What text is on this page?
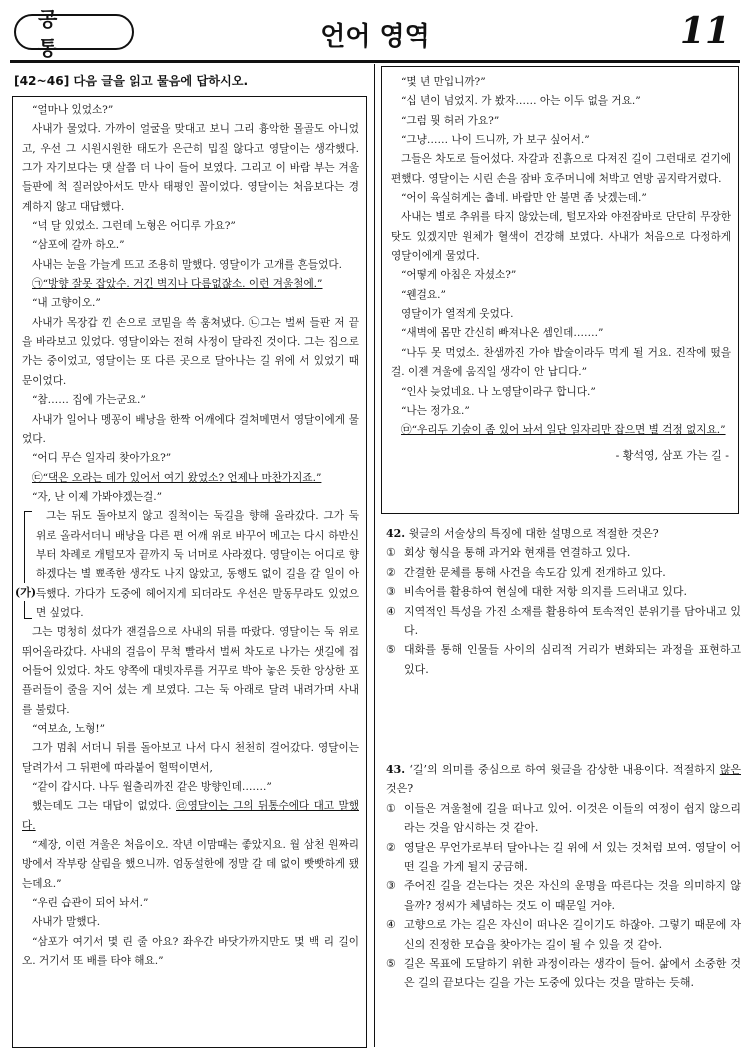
공 통	언어 영역	11
[42~46] 다음 글을 읽고 물음에 답하시오.
“얼마나 있었소?”
사내가 물었다. 가까이 얼굴을 맞대고 보니 그리 흉악한 몰골도 아니었고, 우선 그 시원시원한 태도가 은근히 밉질 않다고 영달이는 생각했다. 그가 자기보다는 댓 살쯤 더 나이 들어 보였다. 그리고 이 바람 부는 겨울 들판에 척 질러앉아서도 만사 태평인 꼴이었다. 영달이는 처음보다는 경계하지 않고 대답했다.
“넉 달 있었소. 그런데 노형은 어디루 가요?”
“삼포에 갈까 하오.”
사내는 눈을 가늘게 뜨고 조용히 말했다. 영달이가 고개를 흔들었다.
㉠“방향 잘못 잡았수. 거긴 벽지나 다름없잖소. 이런 겨울철에.”
“내 고향이오.”
사내가 목장갑 낀 손으로 코밑을 쓱 훔쳐냈다. ㉡그는 벌써 들판 저 끝을 바라보고 있었다. 영달이와는 전혀 사정이 달라진 것이다. 그는 집으로 가는 중이었고, 영달이는 또 다른 곳으로 달아나는 길 위에 서 있었기 때문이었다.
“참…… 집에 가는군요.”
사내가 일어나 멩꽁이 배낭을 한짝 어깨에다 걸쳐메면서 영달이에게 물었다.
“어디 무슨 일자리 찾아가요?”
㉢“댁은 오라는 데가 있어서 여기 왔었소? 언제나 마찬가지죠.”
“자, 난 이제 가봐야겠는걸.”
(가)
그는 뒤도 돌아보지 않고 질척이는 둑길을 향해 올라갔다. 그가 둑 위로 올라서더니 배낭을 다른 편 어깨 위로 바꾸어 메고는 다시 하반신부터 차례로 개털모자 끝까지 둑 너머로 사라졌다. 영달이는 어디로 향하겠다는 별 뾰족한 생각도 나지 않았고, 동행도 없이 길을 갈 일이 아득했다. 가다가 도중에 헤어지게 되더라도 우선은 말동무라도 있었으면 싶었다.
그는 멍청히 섰다가 잰걸음으로 사내의 뒤를 따랐다. 영달이는 둑 위로 뛰어올라갔다. 사내의 걸음이 무척 빨라서 벌써 차도로 나가는 샛길에 접어들어 있었다. 차도 양쪽에 대빗자루를 거꾸로 박아 놓은 듯한 앙상한 포플러들이 줄을 지어 섰는 게 보였다. 그는 둑 아래로 달려 내려가며 사내를 불렀다.
“여보쇼, 노형!”
그가 멈춰 서더니 뒤를 돌아보고 나서 다시 천천히 걸어갔다. 영달이는 달려가서 그 뒤편에 따라붙어 헐떡이면서,
“같이 갑시다. 나두 월출리까진 같은 방향인데…….”
했는데도 그는 대답이 없었다. ㉣영달이는 그의 뒤통수에다 대고 말했다.
“제장, 이런 겨울은 처음이오. 작년 이맘때는 좋았지요. 월 삼천 원짜리 방에서 작부랑 살림을 했으니까. 엄동설한에 정말 갈 데 없이 빳빳하게 됐는데요.”
“우린 습관이 되어 놔서.”
사내가 말했다.
“삼포가 여기서 몇 린 줄 아요? 좌우간 바닷가까지만도 몇 백 리 길이오. 거기서 또 배를 타야 해요.”
“몇 년 만입니까?”
“십 년이 넘었지. 가 봤자…… 아는 이두 없을 거요.”
“그럼 뭣 허러 가요?”
“그냥…… 나이 드니까, 가 보구 싶어서.”
그들은 차도로 들어섰다. 자갈과 진흙으로 다져진 길이 그런대로 걷기에 편했다. 영달이는 시린 손을 잠바 호주머니에 처박고 연방 곰지락거렸다.
“어이 육실허게는 춥네. 바람만 안 불면 좀 낫겠는데.”
사내는 별로 추위를 타지 않았는데, 털모자와 야전잠바로 단단히 무장한 탓도 있겠지만 원체가 혈색이 건강해 보였다. 사내가 처음으로 다정하게 영달이에게 물었다.
“어떻게 아침은 자셨소?”
“웬걸요.”
영달이가 열적게 웃었다.
“새벽에 몸만 간신히 빠져나온 셈인데…….”
“나두 못 먹었소. 찬샘까진 가야 밥술이라두 먹게 될 거요. 진작에 떴을걸. 이젠 겨울에 움직일 생각이 안 납디다.”
“인사 늦었네요. 나 노영달이라구 합니다.”
“나는 정가요.”
㉤“우리두 기술이 좀 있어 놔서 일단 일자리만 잡으면 별 걱정 없지요.”
- 황석영, 삼포 가는 길 -
42. 윗글의 서술상의 특징에 대한 설명으로 적절한 것은?
① 회상 형식을 통해 과거와 현재를 연결하고 있다.
② 간결한 문체를 통해 사건을 속도감 있게 전개하고 있다.
③ 비속어를 활용하여 현실에 대한 저항 의지를 드러내고 있다.
④ 지역적인 특성을 가진 소재를 활용하여 토속적인 분위기를 담아내고 있다.
⑤ 대화를 통해 인물들 사이의 심리적 거리가 변화되는 과정을 표현하고 있다.
43. ‘길’의 의미를 중심으로 하여 윗글을 감상한 내용이다. 적절하지 않은 것은?
① 이들은 겨울철에 길을 떠나고 있어. 이것은 이들의 여정이 쉽지 않으리라는 것을 암시하는 것 같아.
② 영달은 무언가로부터 달아나는 길 위에 서 있는 것처럼 보여. 영달이 어떤 길을 가게 될지 궁금해.
③ 주어진 길을 걷는다는 것은 자신의 운명을 따른다는 것을 의미하지 않을까? 정씨가 체념하는 것도 이 때문일 거야.
④ 고향으로 가는 길은 자신이 떠나온 길이기도 하잖아. 그렇기 때문에 자신의 진정한 모습을 찾아가는 길이 될 수 있을 것 같아.
⑤ 길은 목표에 도달하기 위한 과정이라는 생각이 들어. 삶에서 소중한 것은 길의 끝보다는 길을 가는 도중에 있다는 것을 말하는 듯해.
